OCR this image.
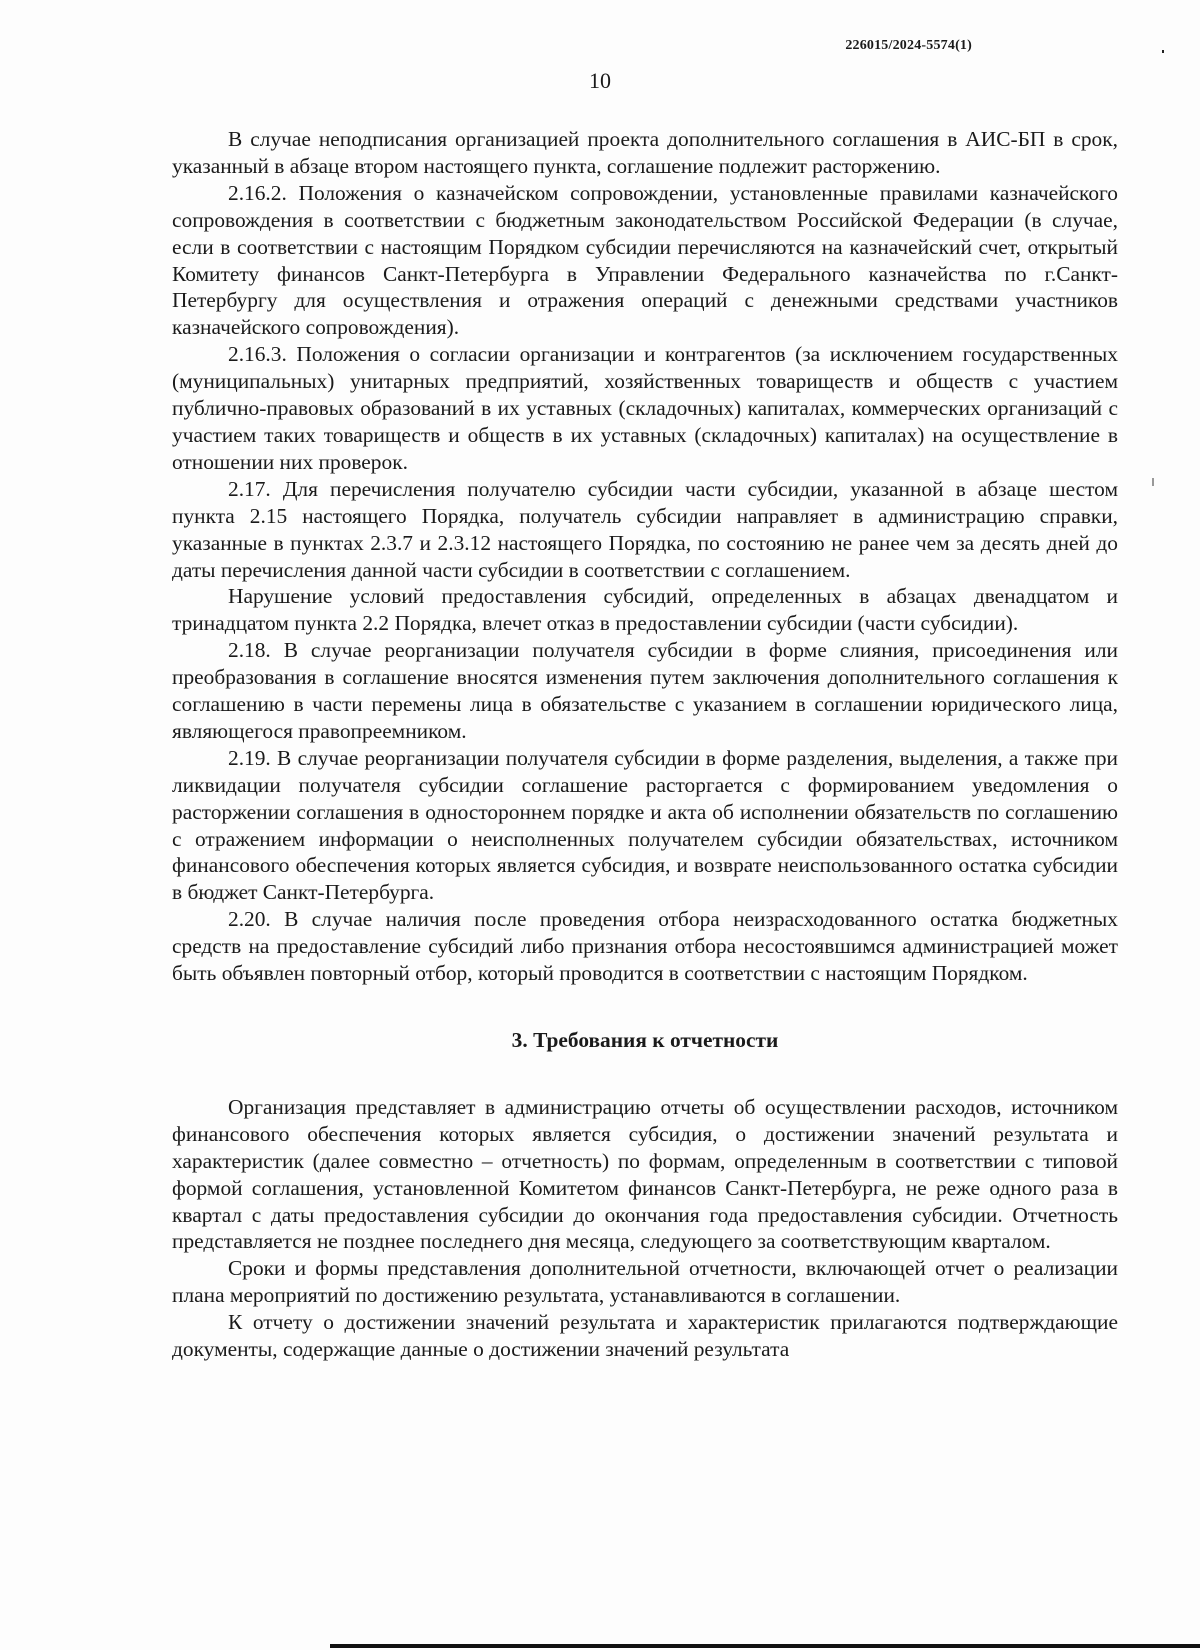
226015/2024-5574(1)
10

В случае неподписания организацией проекта дополнительного соглашения в АИС-БП в срок, указанный в абзаце втором настоящего пункта, соглашение подлежит расторжению.

2.16.2. Положения о казначейском сопровождении, установленные правилами казначейского сопровождения в соответствии с бюджетным законодательством Российской Федерации (в случае, если в соответствии с настоящим Порядком субсидии перечисляются на казначейский счет, открытый Комитету финансов Санкт-Петербурга в Управлении Федерального казначейства по г.Санкт-Петербургу для осуществления и отражения операций с денежными средствами участников казначейского сопровождения).

2.16.3. Положения о согласии организации и контрагентов (за исключением государственных (муниципальных) унитарных предприятий, хозяйственных товариществ и обществ с участием публично-правовых образований в их уставных (складочных) капиталах, коммерческих организаций с участием таких товариществ и обществ в их уставных (складочных) капиталах) на осуществление в отношении них проверок.

2.17. Для перечисления получателю субсидии части субсидии, указанной в абзаце шестом пункта 2.15 настоящего Порядка, получатель субсидии направляет в администрацию справки, указанные в пунктах 2.3.7 и 2.3.12 настоящего Порядка, по состоянию не ранее чем за десять дней до даты перечисления данной части субсидии в соответствии с соглашением.

Нарушение условий предоставления субсидий, определенных в абзацах двенадцатом и тринадцатом пункта 2.2 Порядка, влечет отказ в предоставлении субсидии (части субсидии).

2.18. В случае реорганизации получателя субсидии в форме слияния, присоединения или преобразования в соглашение вносятся изменения путем заключения дополнительного соглашения к соглашению в части перемены лица в обязательстве с указанием в соглашении юридического лица, являющегося правопреемником.

2.19. В случае реорганизации получателя субсидии в форме разделения, выделения, а также при ликвидации получателя субсидии соглашение расторгается с формированием уведомления о расторжении соглашения в одностороннем порядке и акта об исполнении обязательств по соглашению с отражением информации о неисполненных получателем субсидии обязательствах, источником финансового обеспечения которых является субсидия, и возврате неиспользованного остатка субсидии в бюджет Санкт-Петербурга.

2.20. В случае наличия после проведения отбора неизрасходованного остатка бюджетных средств на предоставление субсидий либо признания отбора несостоявшимся администрацией может быть объявлен повторный отбор, который проводится в соответствии с настоящим Порядком.

3. Требования к отчетности

Организация представляет в администрацию отчеты об осуществлении расходов, источником финансового обеспечения которых является субсидия, о достижении значений результата и характеристик (далее совместно – отчетность) по формам, определенным в соответствии с типовой формой соглашения, установленной Комитетом финансов Санкт-Петербурга, не реже одного раза в квартал с даты предоставления субсидии до окончания года предоставления субсидии. Отчетность представляется не позднее последнего дня месяца, следующего за соответствующим кварталом.

Сроки и формы представления дополнительной отчетности, включающей отчет о реализации плана мероприятий по достижению результата, устанавливаются в соглашении.

К отчету о достижении значений результата и характеристик прилагаются подтверждающие документы, содержащие данные о достижении значений результата
